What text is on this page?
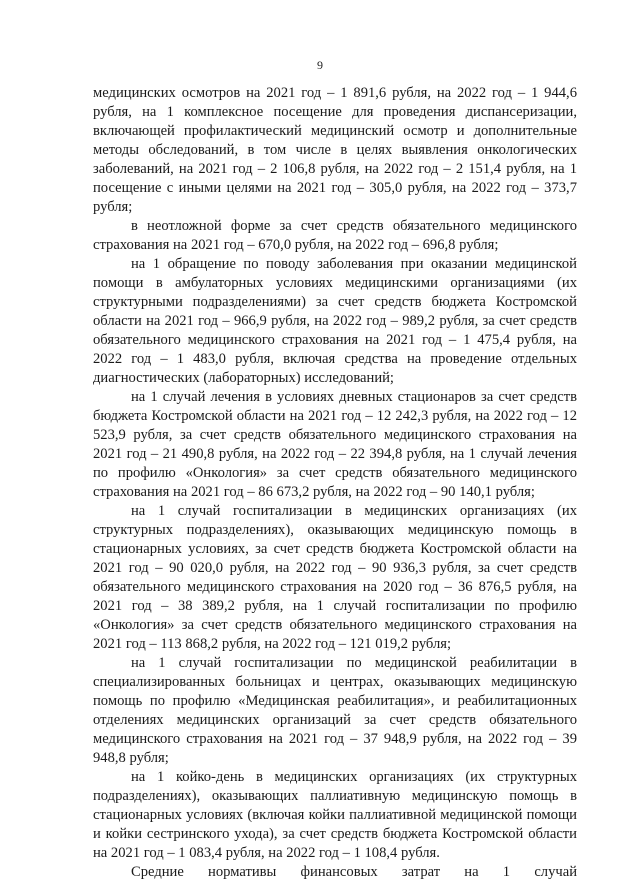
9

медицинских осмотров на 2021 год – 1 891,6 рубля, на 2022 год – 1 944,6 рубля, на 1 комплексное посещение для проведения диспансеризации, включающей профилактический медицинский осмотр и дополнительные методы обследований, в том числе в целях выявления онкологических заболеваний, на 2021 год – 2 106,8 рубля, на 2022 год – 2 151,4 рубля, на 1 посещение с иными целями на 2021 год – 305,0 рубля, на 2022 год – 373,7 рубля;

в неотложной форме за счет средств обязательного медицинского страхования на 2021 год – 670,0 рубля, на 2022 год – 696,8 рубля;

на 1 обращение по поводу заболевания при оказании медицинской помощи в амбулаторных условиях медицинскими организациями (их структурными подразделениями) за счет средств бюджета Костромской области на 2021 год – 966,9 рубля, на 2022 год – 989,2 рубля, за счет средств обязательного медицинского страхования на 2021 год – 1 475,4 рубля, на 2022 год – 1 483,0 рубля, включая средства на проведение отдельных диагностических (лабораторных) исследований;

на 1 случай лечения в условиях дневных стационаров за счет средств бюджета Костромской области на 2021 год – 12 242,3 рубля, на 2022 год – 12 523,9 рубля, за счет средств обязательного медицинского страхования на 2021 год – 21 490,8 рубля, на 2022 год – 22 394,8 рубля, на 1 случай лечения по профилю «Онкология» за счет средств обязательного медицинского страхования на 2021 год – 86 673,2 рубля, на 2022 год – 90 140,1 рубля;

на 1 случай госпитализации в медицинских организациях (их структурных подразделениях), оказывающих медицинскую помощь в стационарных условиях, за счет средств бюджета Костромской области на 2021 год – 90 020,0 рубля, на 2022 год – 90 936,3 рубля, за счет средств обязательного медицинского страхования на 2020 год – 36 876,5 рубля, на 2021 год – 38 389,2 рубля, на 1 случай госпитализации по профилю «Онкология» за счет средств обязательного медицинского страхования на 2021 год – 113 868,2 рубля, на 2022 год – 121 019,2 рубля;

на 1 случай госпитализации по медицинской реабилитации в специализированных больницах и центрах, оказывающих медицинскую помощь по профилю «Медицинская реабилитация», и реабилитационных отделениях медицинских организаций за счет средств обязательного медицинского страхования на 2021 год – 37 948,9 рубля, на 2022 год – 39 948,8 рубля;

на 1 койко-день в медицинских организациях (их структурных подразделениях), оказывающих паллиативную медицинскую помощь в стационарных условиях (включая койки паллиативной медицинской помощи и койки сестринского ухода), за счет средств бюджета Костромской области на 2021 год – 1 083,4 рубля, на 2022 год – 1 108,4 рубля.

Средние нормативы финансовых затрат на 1 случай
